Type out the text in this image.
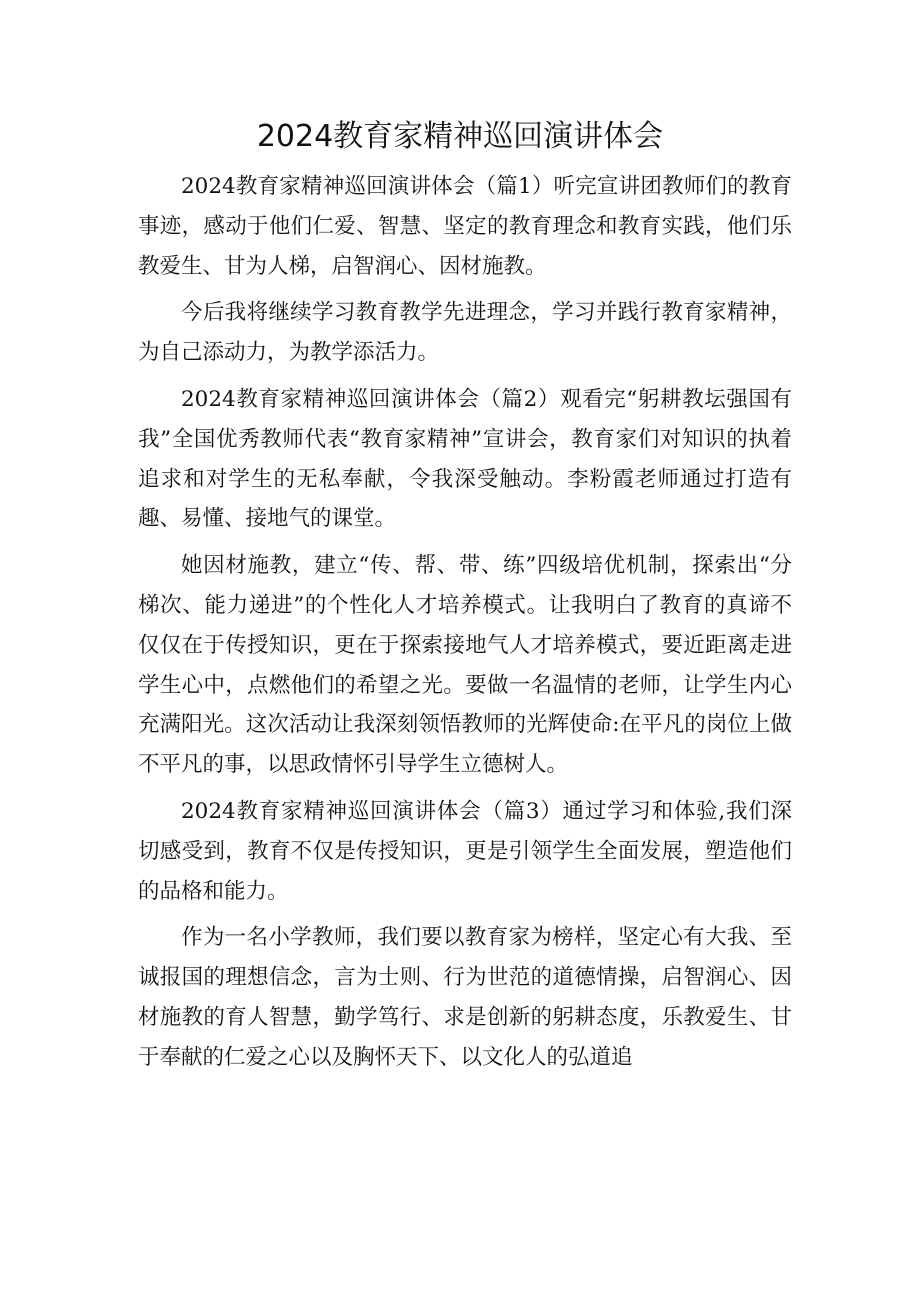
2024教育家精神巡回演讲体会

2024教育家精神巡回演讲体会（篇1）听完宣讲团教师们的教育事迹，感动于他们仁爱、智慧、坚定的教育理念和教育实践，他们乐教爱生、甘为人梯，启智润心、因材施教。

今后我将继续学习教育教学先进理念，学习并践行教育家精神，为自己添动力，为教学添活力。

2024教育家精神巡回演讲体会（篇2）观看完“躬耕教坛强国有我”全国优秀教师代表“教育家精神”宣讲会，教育家们对知识的执着追求和对学生的无私奉献，令我深受触动。李粉霞老师通过打造有趣、易懂、接地气的课堂。

她因材施教，建立“传、帮、带、练”四级培优机制，探索出“分梯次、能力递进”的个性化人才培养模式。让我明白了教育的真谛不仅仅在于传授知识，更在于探索接地气人才培养模式，要近距离走进学生心中，点燃他们的希望之光。要做一名温情的老师，让学生内心充满阳光。这次活动让我深刻领悟教师的光辉使命:在平凡的岗位上做不平凡的事，以思政情怀引导学生立德树人。

2024教育家精神巡回演讲体会（篇3）通过学习和体验,我们深切感受到，教育不仅是传授知识，更是引领学生全面发展，塑造他们的品格和能力。

作为一名小学教师，我们要以教育家为榜样，坚定心有大我、至诚报国的理想信念，言为士则、行为世范的道德情操，启智润心、因材施教的育人智慧，勤学笃行、求是创新的躬耕态度，乐教爱生、甘于奉献的仁爱之心以及胸怀天下、以文化人的弘道追
